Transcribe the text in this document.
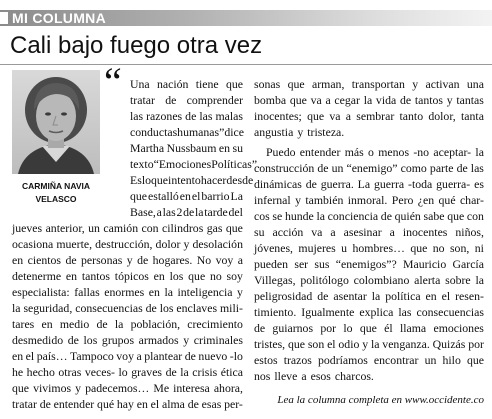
MI COLUMNA
Cali bajo fuego otra vez
CARMIÑA NAVIA
VELASCO
“ Una nación tiene que
tratar de comprender
las razones de las malas
conductas humanas” dice
Martha Nussbaum en su
texto “Emociones Políticas”.
Es lo que intento hacer desde
que estalló en el barrio La
Base, a las 2 de la tarde del
jueves anterior, un camión con cilindros gas que
ocasiona muerte, destrucción, dolor y desolación
en cientos de personas y de hogares. No voy a
detenerme en tantos tópicos en los que no soy
especialista: fallas enormes en la inteligencia y
la seguridad, consecuencias de los enclaves mili-
tares en medio de la población, crecimiento
desmedido de los grupos armados y criminales
en el país… Tampoco voy a plantear de nuevo -lo
he hecho otras veces- lo graves de la crisis ética
que vivimos y padecemos… Me interesa ahora,
tratar de entender qué hay en el alma de esas per-
sonas que arman, transportan y activan una
bomba que va a cegar la vida de tantos y tantas
inocentes; que va a sembrar tanto dolor, tanta
angustia y tristeza.
Puedo entender más o menos -no aceptar- la
construcción de un “enemigo” como parte de las
dinámicas de guerra. La guerra -toda guerra- es
infernal y también inmoral. Pero ¿en qué char-
cos se hunde la conciencia de quién sabe que con
su acción va a asesinar a inocentes niños,
jóvenes, mujeres u hombres… que no son, ni
pueden ser sus “enemigos”? Mauricio García
Villegas, politólogo colombiano alerta sobre la
peligrosidad de asentar la política en el resen-
timiento. Igualmente explica las consecuencias
de guiarnos por lo que él llama emociones
tristes, que son el odio y la venganza. Quizás por
estos trazos podríamos encontrar un hilo que
nos lleve a esos charcos.
Lea la columna completa en www.occidente.co
